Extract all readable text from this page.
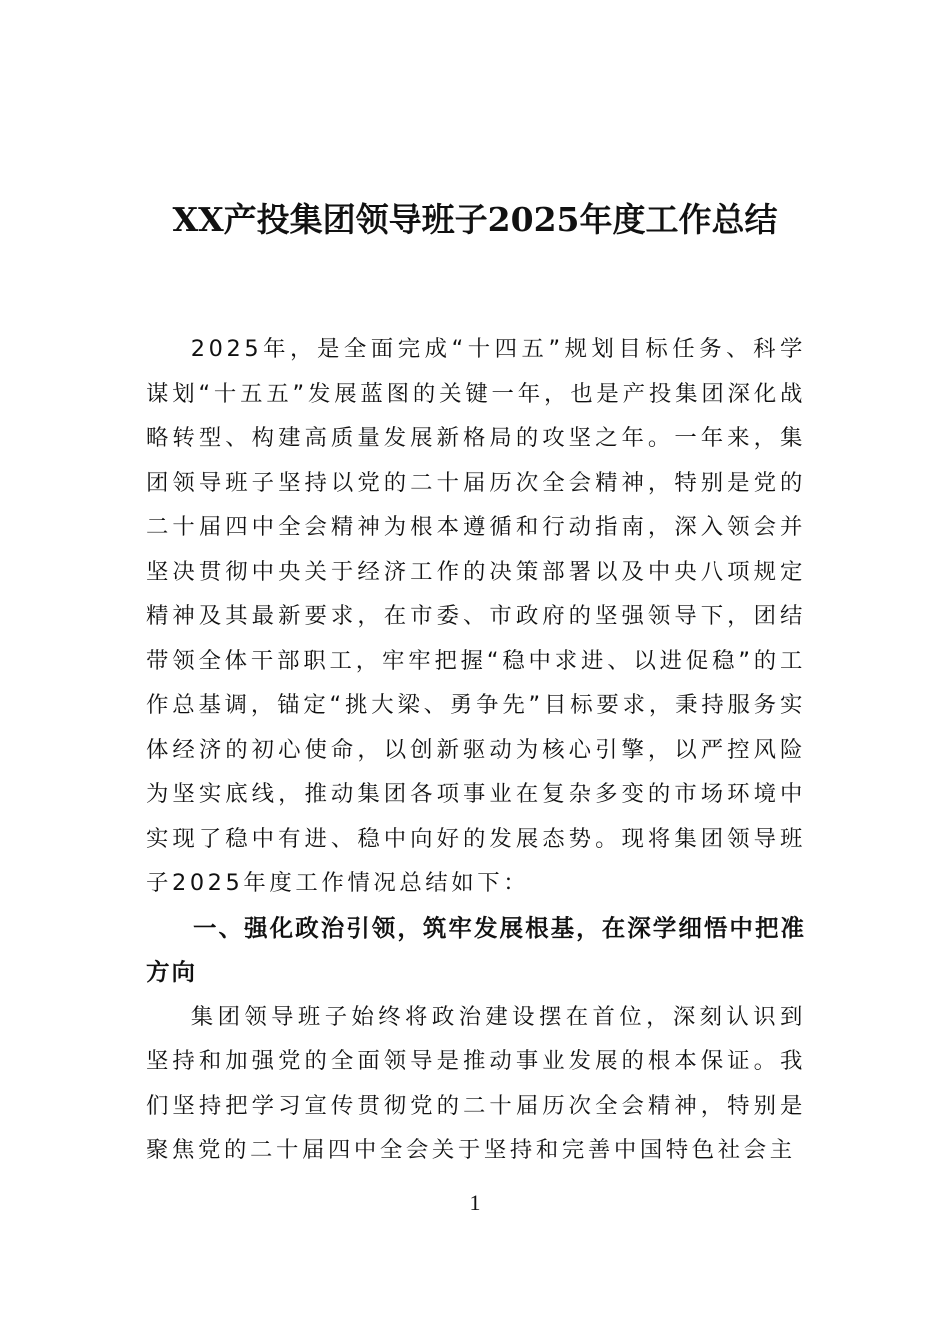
XX产投集团领导班子2025年度工作总结

2025年，是全面完成“十四五”规划目标任务、科学谋划“十五五”发展蓝图的关键一年，也是产投集团深化战略转型、构建高质量发展新格局的攻坚之年。一年来，集团领导班子坚持以党的二十届历次全会精神，特别是党的二十届四中全会精神为根本遵循和行动指南，深入领会并坚决贯彻中央关于经济工作的决策部署以及中央八项规定精神及其最新要求，在市委、市政府的坚强领导下，团结带领全体干部职工，牢牢把握“稳中求进、以进促稳”的工作总基调，锚定“挑大梁、勇争先”目标要求，秉持服务实体经济的初心使命，以创新驱动为核心引擎，以严控风险为坚实底线，推动集团各项事业在复杂多变的市场环境中实现了稳中有进、稳中向好的发展态势。现将集团领导班子2025年度工作情况总结如下：

一、强化政治引领，筑牢发展根基，在深学细悟中把准方向

集团领导班子始终将政治建设摆在首位，深刻认识到坚持和加强党的全面领导是推动事业发展的根本保证。我们坚持把学习宣传贯彻党的二十届历次全会精神，特别是聚焦党的二十届四中全会关于坚持和完善中国特色社会主

1
